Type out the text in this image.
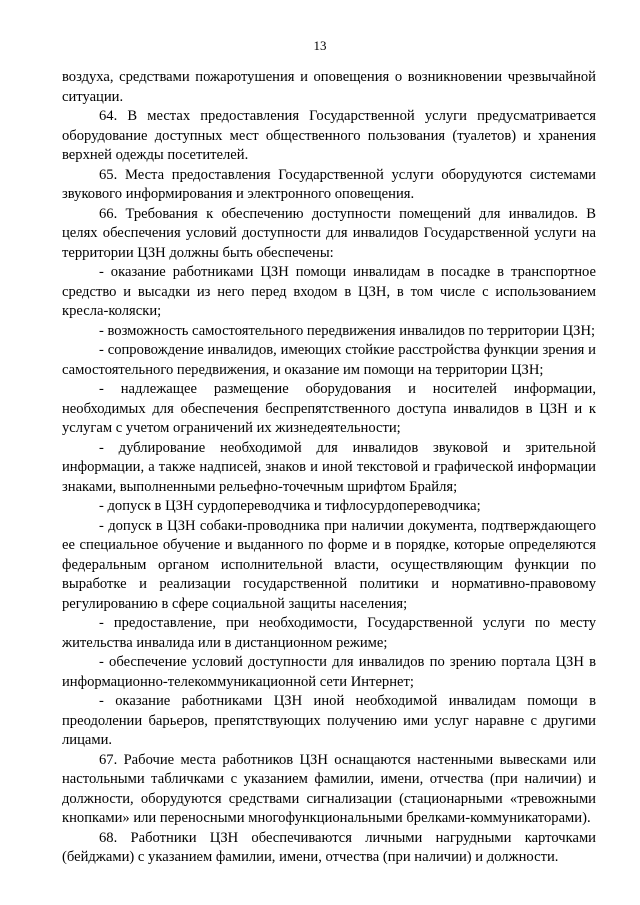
13

воздуха, средствами пожаротушения и оповещения о возникновении чрезвычайной ситуации.

64. В местах предоставления Государственной услуги предусматривается оборудование доступных мест общественного пользования (туалетов) и хранения верхней одежды посетителей.

65. Места предоставления Государственной услуги оборудуются системами звукового информирования и электронного оповещения.

66. Требования к обеспечению доступности помещений для инвалидов. В целях обеспечения условий доступности для инвалидов Государственной услуги на территории ЦЗН должны быть обеспечены:

- оказание работниками ЦЗН помощи инвалидам в посадке в транспортное средство и высадки из него перед входом в ЦЗН, в том числе с использованием кресла-коляски;

- возможность самостоятельного передвижения инвалидов по территории ЦЗН;

- сопровождение инвалидов, имеющих стойкие расстройства функции зрения и самостоятельного передвижения, и оказание им помощи на территории ЦЗН;

- надлежащее размещение оборудования и носителей информации, необходимых для обеспечения беспрепятственного доступа инвалидов в ЦЗН и к услугам с учетом ограничений их жизнедеятельности;

- дублирование необходимой для инвалидов звуковой и зрительной информации, а также надписей, знаков и иной текстовой и графической информации знаками, выполненными рельефно-точечным шрифтом Брайля;

- допуск в ЦЗН сурдопереводчика и тифлосурдопереводчика;

- допуск в ЦЗН собаки-проводника при наличии документа, подтверждающего ее специальное обучение и выданного по форме и в порядке, которые определяются федеральным органом исполнительной власти, осуществляющим функции по выработке и реализации государственной политики и нормативно-правовому регулированию в сфере социальной защиты населения;

- предоставление, при необходимости, Государственной услуги по месту жительства инвалида или в дистанционном режиме;

- обеспечение условий доступности для инвалидов по зрению портала ЦЗН в информационно-телекоммуникационной сети Интернет;

- оказание работниками ЦЗН иной необходимой инвалидам помощи в преодолении барьеров, препятствующих получению ими услуг наравне с другими лицами.

67. Рабочие места работников ЦЗН оснащаются настенными вывесками или настольными табличками с указанием фамилии, имени, отчества (при наличии) и должности, оборудуются средствами сигнализации (стационарными «тревожными кнопками» или переносными многофункциональными брелками-коммуникаторами).

68. Работники ЦЗН обеспечиваются личными нагрудными карточками (бейджами) с указанием фамилии, имени, отчества (при наличии) и должности.
